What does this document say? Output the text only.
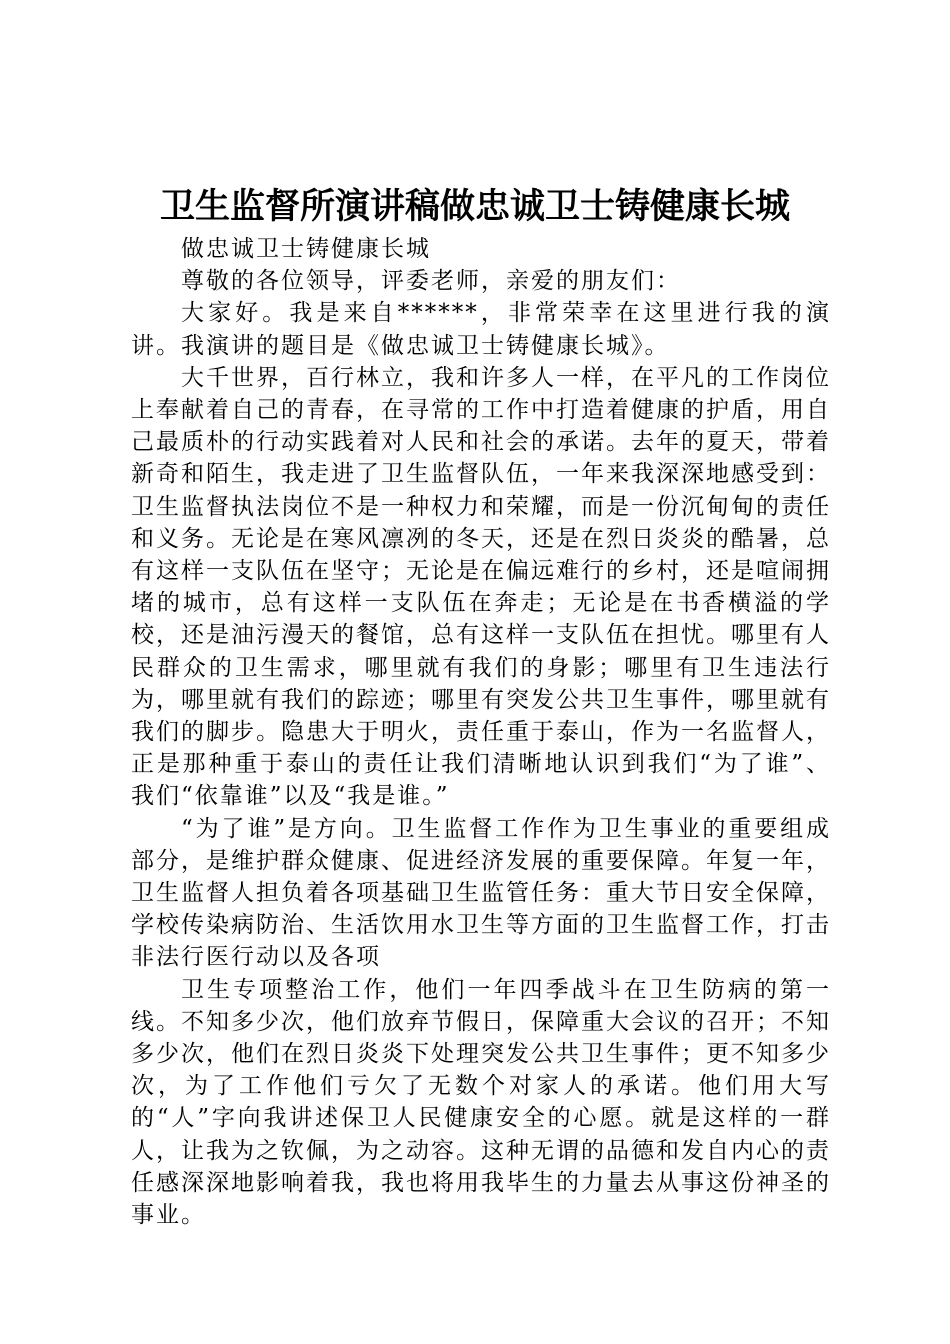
卫生监督所演讲稿做忠诚卫士铸健康长城

做忠诚卫士铸健康长城

尊敬的各位领导，评委老师，亲爱的朋友们：

大家好。我是来自******，非常荣幸在这里进行我的演讲。我演讲的题目是《做忠诚卫士铸健康长城》。

大千世界，百行林立，我和许多人一样，在平凡的工作岗位上奉献着自己的青春，在寻常的工作中打造着健康的护盾，用自己最质朴的行动实践着对人民和社会的承诺。去年的夏天，带着新奇和陌生，我走进了卫生监督队伍，一年来我深深地感受到：卫生监督执法岗位不是一种权力和荣耀，而是一份沉甸甸的责任和义务。无论是在寒风凛冽的冬天，还是在烈日炎炎的酷暑，总有这样一支队伍在坚守；无论是在偏远难行的乡村，还是喧闹拥堵的城市，总有这样一支队伍在奔走；无论是在书香横溢的学校，还是油污漫天的餐馆，总有这样一支队伍在担忧。哪里有人民群众的卫生需求，哪里就有我们的身影；哪里有卫生违法行为，哪里就有我们的踪迹；哪里有突发公共卫生事件，哪里就有我们的脚步。隐患大于明火，责任重于泰山，作为一名监督人，正是那种重于泰山的责任让我们清晰地认识到我们“为了谁”、我们“依靠谁”以及“我是谁。”

“为了谁”是方向。卫生监督工作作为卫生事业的重要组成部分，是维护群众健康、促进经济发展的重要保障。年复一年，卫生监督人担负着各项基础卫生监管任务：重大节日安全保障，学校传染病防治、生活饮用水卫生等方面的卫生监督工作，打击非法行医行动以及各项

卫生专项整治工作，他们一年四季战斗在卫生防病的第一线。不知多少次，他们放弃节假日，保障重大会议的召开；不知多少次，他们在烈日炎炎下处理突发公共卫生事件；更不知多少次，为了工作他们亏欠了无数个对家人的承诺。他们用大写的“人”字向我讲述保卫人民健康安全的心愿。就是这样的一群人，让我为之钦佩，为之动容。这种无谓的品德和发自内心的责任感深深地影响着我，我也将用我毕生的力量去从事这份神圣的事业。
